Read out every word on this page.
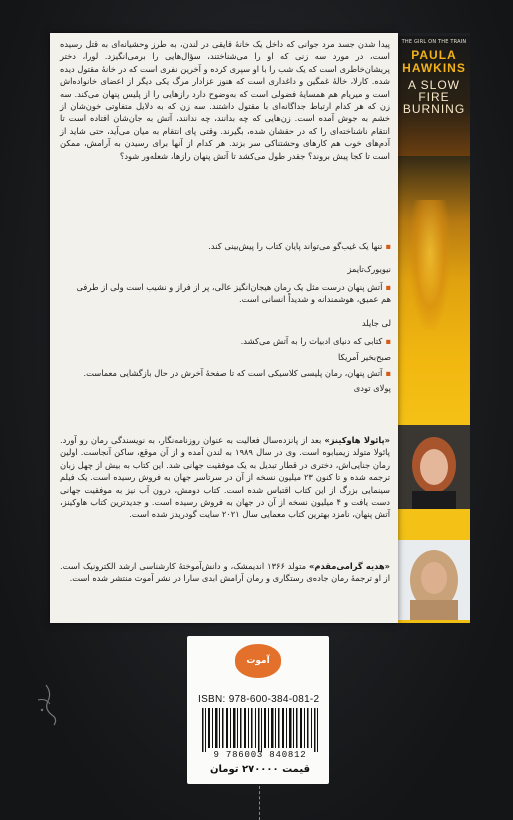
THE GIRL ON THE TRAIN
PAULA
HAWKINS
A SLOW
FIRE
BURNING
پیدا شدن جسد مرد جوانی که داخل یک خانهٔ قایقی در لندن، به طرز وحشیانه‌ای به قتل رسیده است، در مورد سه زنی که او را می‌شناختند، سؤال‌هایی را برمی‌انگیزد. لورا، دختر پریشان‌خاطری است که یک شب را با او سپری کرده و آخرین نفری است که در خانهٔ مقتول دیده شده. کارلا، خالهٔ غمگین و داغداری است که هنوز عزادار مرگ یکی دیگر از اعضای خانواده‌اش است و میریام هم همسایهٔ فضولی است که به‌وضوح دارد رازهایی را از پلیس پنهان می‌کند. سه زن که هر کدام ارتباط جداگانه‌ای با مقتول داشتند. سه زن که به دلایل متفاوتی خون‌شان از خشم به جوش آمده است. زن‌هایی که چه بدانند، چه ندانند، آتش به جان‌شان افتاده است تا انتقام ناشناخته‌ای را که در حقشان شده، بگیرند. وقتی پای انتقام به میان می‌آید، حتی شاید از آدم‌های خوب هم کارهای وحشتناکی سر بزند. هر کدام از آنها برای رسیدن به آرامش، ممکن است تا کجا پیش بروند؟ جقدر طول می‌کشد تا آتش پنهان رازها، شعله‌ور شود؟
▪تنها یک غیب‌گو می‌تواند پایان کتاب را پیش‌بینی کند.
نیویورک‌تایمز
▪آتش پنهان درست مثل یک رمان هیجان‌انگیز عالی، پر از فراز و نشیب است ولی از طرفی هم عمیق، هوشمندانه و شدیداً انسانی است.
لی جایلد
▪کتابی که دنیای ادبیات را به آتش می‌کشد.
صبح‌بخیر آمریکا
▪آتش پنهان، رمان پلیسی کلاسیکی است که تا صفحهٔ آخرش در حال بازگشایی معماست.
پولای تودی
«پائولا هاوکینز» بعد از پانزده‌سال فعالیت به عنوان روزنامه‌نگار، به نویسندگی رمان رو آورد. پائولا متولد زیمبابوه است. وی در سال ۱۹۸۹ به لندن آمده و از آن موقع، ساکن آنجاست. اولین رمان جنایی‌اش، دختری در قطار تبدیل به یک موفقیت جهانی شد. این کتاب به بیش از چهل زبان ترجمه شده و تا کنون ۲۳ میلیون نسخه از آن در سرتاسر جهان به فروش رسیده است. یک فیلم سینمایی بزرگ از این کتاب اقتباس شده است. کتاب دومش، درون آب نیز به موفقیت جهانی دست یافت و ۴ میلیون نسخه از آن در جهان به فروش رسیده است. و جدیدترین کتاب هاوکینز، آتش پنهان، نامزد بهترین کتاب معمایی سال ۲۰۲۱ سایت گودریدز شده است.
«هدیه گرامی‌مقدم» متولد ۱۳۶۶ اندیمشک، و دانش‌آموختهٔ کارشناسی ارشد الکترونیک است. از او ترجمهٔ رمان جاده‌ی رستگاری و رمان آرامش ابدی سارا در نشر آموت منتشر شده است.
آموت
ISBN: 978-600-384-081-2
9 786003 840812
قیمت ۲۷۰۰۰۰ تومان
